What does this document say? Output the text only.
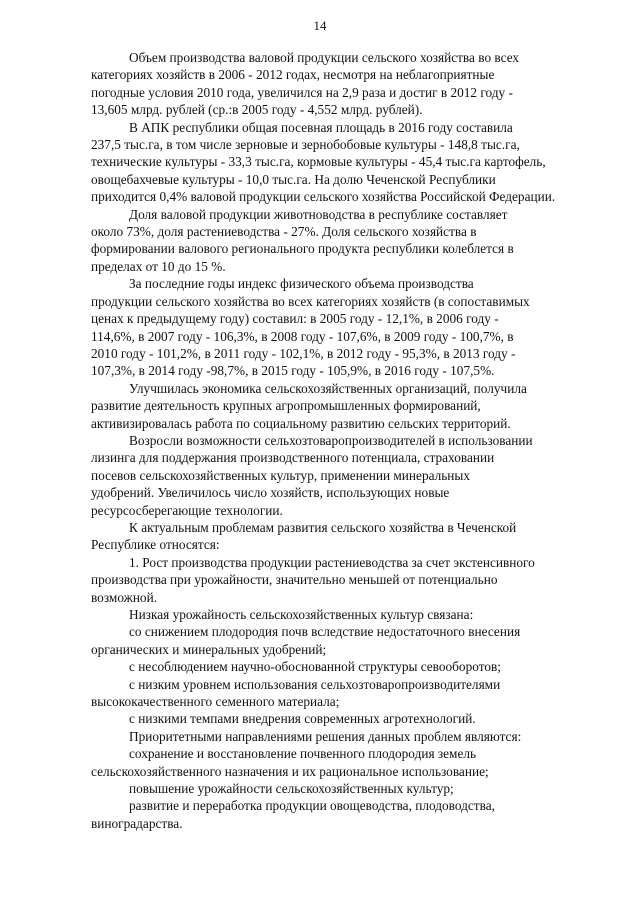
14

Объем производства валовой продукции сельского хозяйства во всех
категориях хозяйств в 2006 - 2012 годах, несмотря на неблагоприятные
погодные условия 2010 года, увеличился на 2,9 раза и достиг в 2012 году -
13,605 млрд. рублей (ср.:в 2005 году - 4,552 млрд. рублей).

В АПК республики общая посевная площадь в 2016 году составила
237,5 тыс.га, в том числе зерновые и зернобобовые культуры - 148,8 тыс.га,
технические культуры - 33,3 тыс.га, кормовые культуры - 45,4 тыс.га картофель,
овощебахчевые культуры - 10,0 тыс.га. На долю Чеченской Республики
приходится 0,4% валовой продукции сельского хозяйства Российской Федерации.

Доля валовой продукции животноводства в республике составляет
около 73%, доля растениеводства - 27%. Доля сельского хозяйства в
формировании валового регионального продукта республики колеблется в
пределах от 10 до 15 %.

За последние годы индекс физического объема производства
продукции сельского хозяйства во всех категориях хозяйств (в сопоставимых
ценах к предыдущему году) составил: в 2005 году - 12,1%, в 2006 году -
114,6%, в 2007 году - 106,3%, в 2008 году - 107,6%, в 2009 году - 100,7%, в
2010 году - 101,2%, в 2011 году - 102,1%, в 2012 году - 95,3%, в 2013 году -
107,3%, в 2014 году -98,7%, в 2015 году - 105,9%, в 2016 году - 107,5%.

Улучшилась экономика сельскохозяйственных организаций, получила
развитие деятельность крупных агропромышленных формирований,
активизировалась работа по социальному развитию сельских территорий.

Возросли возможности сельхозтоваропроизводителей в использовании
лизинга для поддержания производственного потенциала, страховании
посевов сельскохозяйственных культур, применении минеральных
удобрений. Увеличилось число хозяйств, использующих новые
ресурсосберегающие технологии.

К актуальным проблемам развития сельского хозяйства в Чеченской
Республике относятся:

1. Рост производства продукции растениеводства за счет экстенсивного
производства при урожайности, значительно меньшей от потенциально
возможной.

Низкая урожайность сельскохозяйственных культур связана:

со снижением плодородия почв вследствие недостаточного внесения
органических и минеральных удобрений;

с несоблюдением научно-обоснованной структуры севооборотов;

с низким уровнем использования сельхозтоваропроизводителями
высококачественного семенного материала;

с низкими темпами внедрения современных агротехнологий.

Приоритетными направлениями решения данных проблем являются:

сохранение и восстановление почвенного плодородия земель
сельскохозяйственного назначения и их рациональное использование;

повышение урожайности сельскохозяйственных культур;

развитие и переработка продукции овощеводства, плодоводства,
виноградарства.
